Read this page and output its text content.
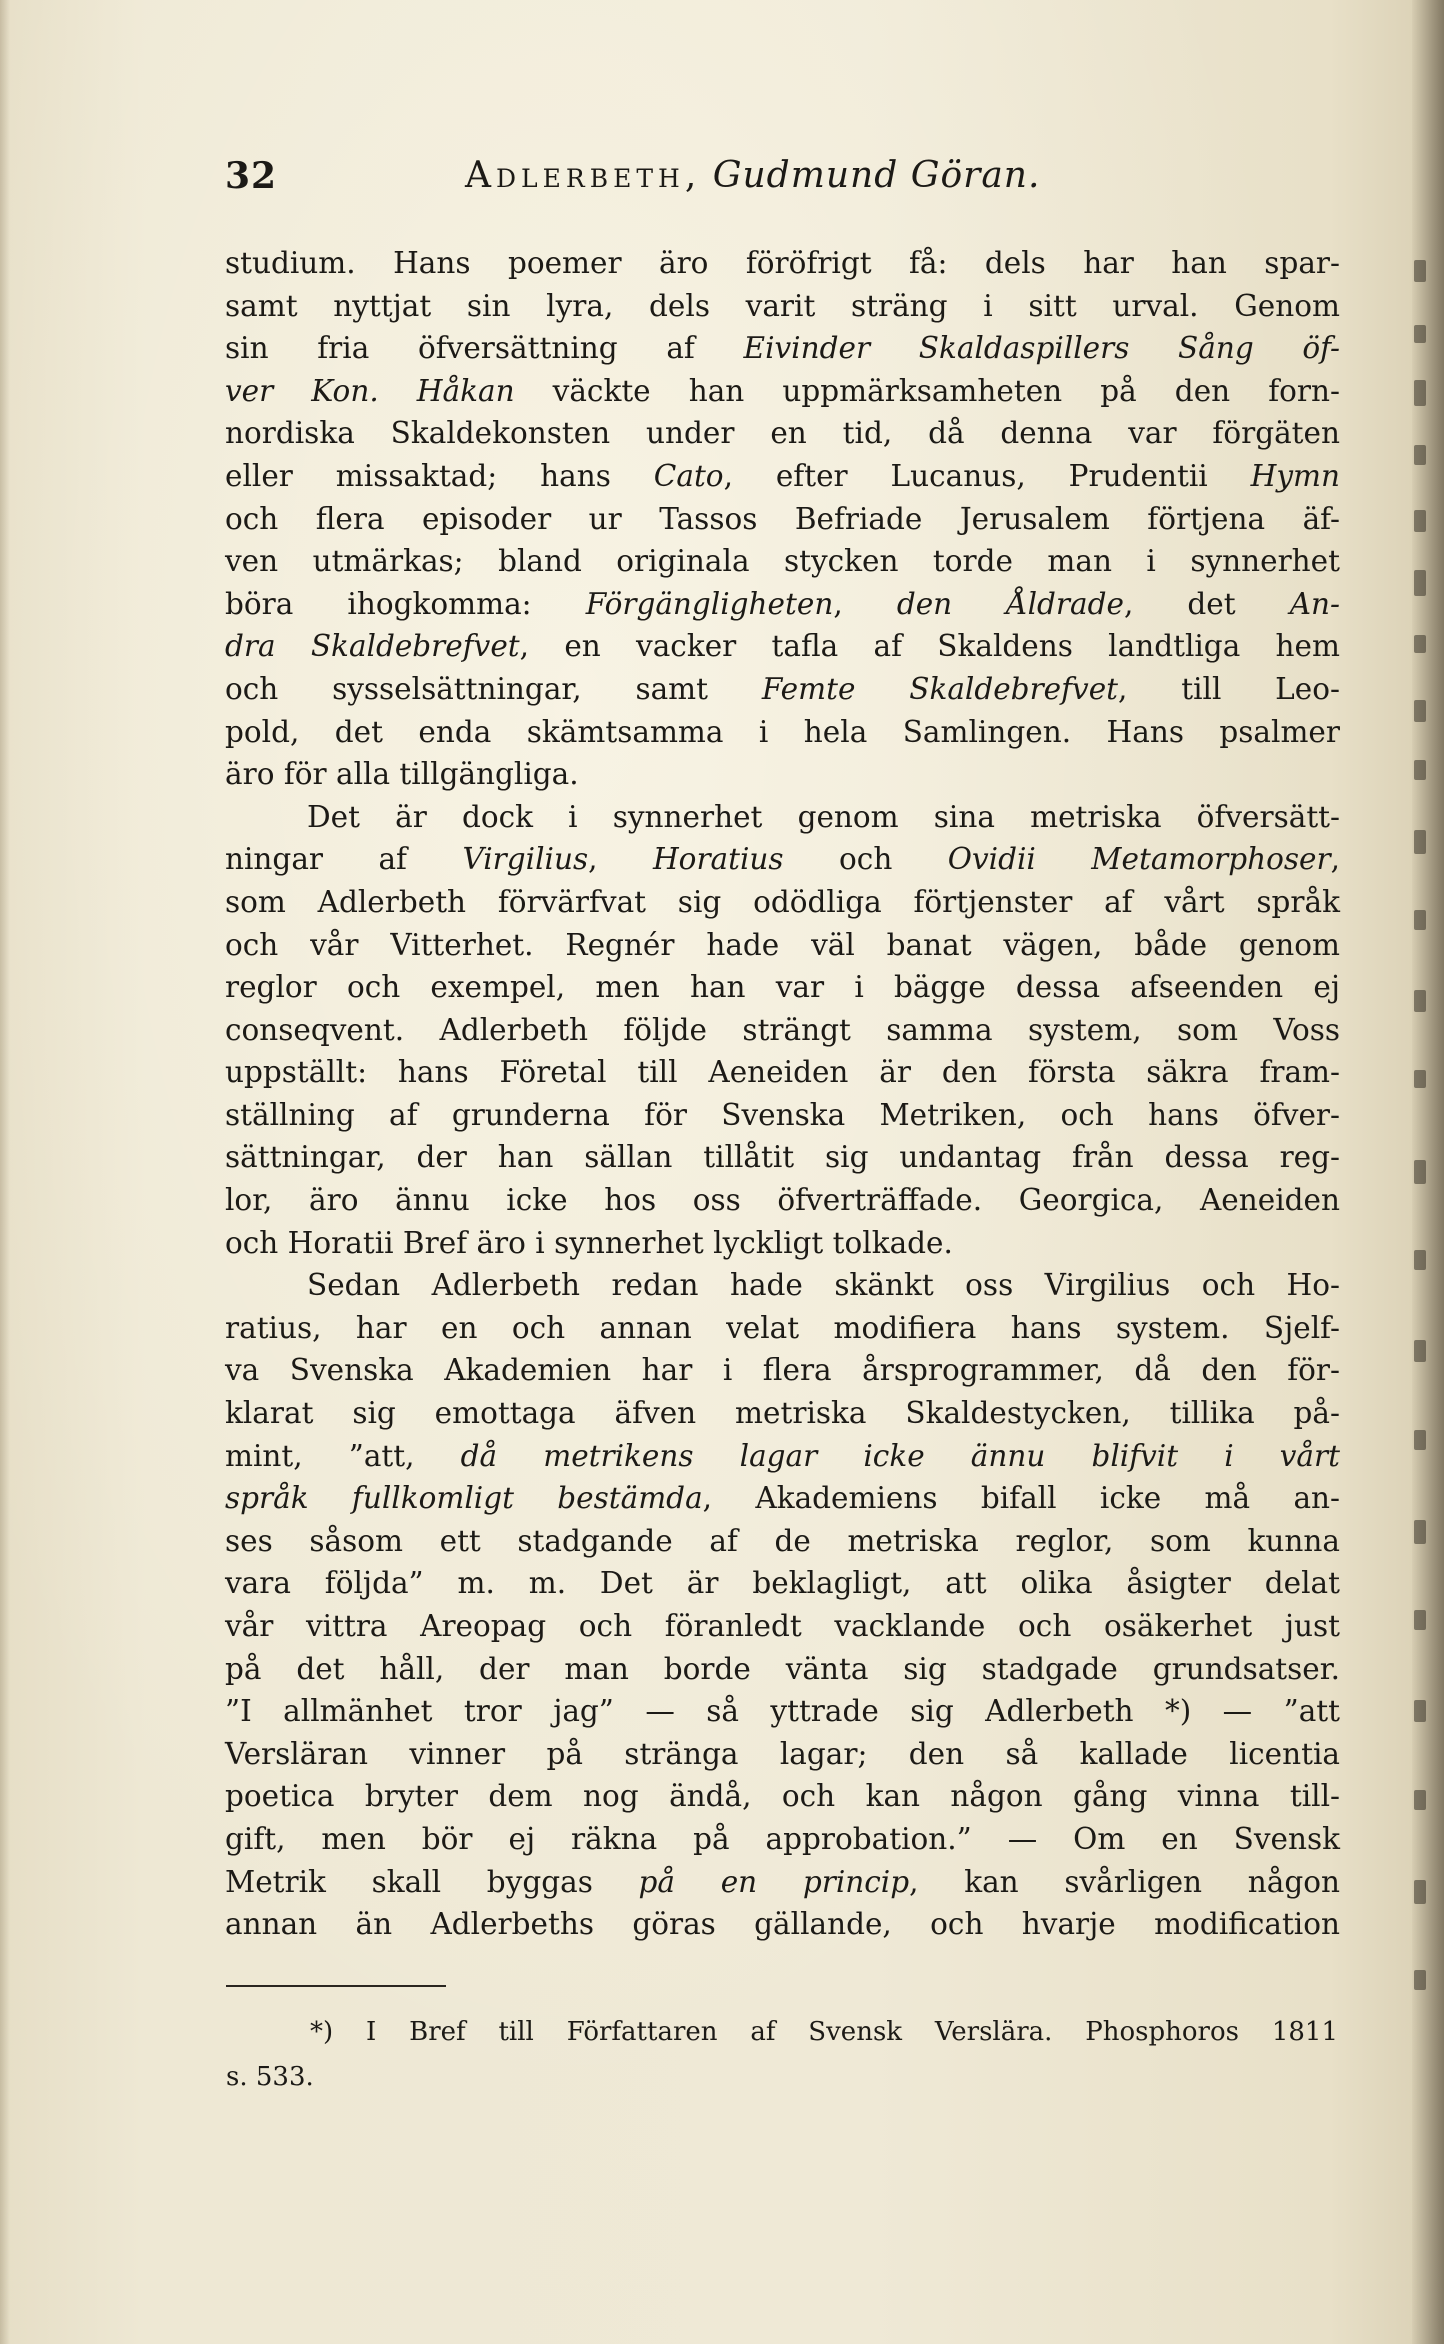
32	Adlerbeth, Gudmund Göran.
studium. Hans poemer äro föröfrigt få: dels har han spar-
samt nyttjat sin lyra, dels varit sträng i sitt urval. Genom
sin fria öfversättning af Eivinder Skaldaspillers Sång öf-
ver Kon. Håkan väckte han uppmärksamheten på den forn-
nordiska Skaldekonsten under en tid, då denna var förgäten
eller missaktad; hans Cato, efter Lucanus, Prudentii Hymn
och flera episoder ur Tassos Befriade Jerusalem förtjena äf-
ven utmärkas; bland originala stycken torde man i synnerhet
böra ihogkomma: Förgängligheten, den Åldrade, det An-
dra Skaldebrefvet, en vacker tafla af Skaldens landtliga hem
och sysselsättningar, samt Femte Skaldebrefvet, till Leo-
pold, det enda skämtsamma i hela Samlingen. Hans psalmer
äro för alla tillgängliga.
Det är dock i synnerhet genom sina metriska öfversätt-
ningar af Virgilius, Horatius och Ovidii Metamorphoser,
som Adlerbeth förvärfvat sig odödliga förtjenster af vårt språk
och vår Vitterhet. Regnér hade väl banat vägen, både genom
reglor och exempel, men han var i bägge dessa afseenden ej
conseqvent. Adlerbeth följde strängt samma system, som Voss
uppställt: hans Företal till Aeneiden är den första säkra fram-
ställning af grunderna för Svenska Metriken, och hans öfver-
sättningar, der han sällan tillåtit sig undantag från dessa reg-
lor, äro ännu icke hos oss öfverträffade. Georgica, Aeneiden
och Horatii Bref äro i synnerhet lyckligt tolkade.
Sedan Adlerbeth redan hade skänkt oss Virgilius och Ho-
ratius, har en och annan velat modifiera hans system. Sjelf-
va Svenska Akademien har i flera årsprogrammer, då den för-
klarat sig emottaga äfven metriska Skaldestycken, tillika på-
mint, ”att, då metrikens lagar icke ännu blifvit i vårt
språk fullkomligt bestämda, Akademiens bifall icke må an-
ses såsom ett stadgande af de metriska reglor, som kunna
vara följda” m. m. Det är beklagligt, att olika åsigter delat
vår vittra Areopag och föranledt vacklande och osäkerhet just
på det håll, der man borde vänta sig stadgade grundsatser.
”I allmänhet tror jag” — så yttrade sig Adlerbeth *) — ”att
Versläran vinner på stränga lagar; den så kallade licentia
poetica bryter dem nog ändå, och kan någon gång vinna till-
gift, men bör ej räkna på approbation.” — Om en Svensk
Metrik skall byggas på en princip, kan svårligen någon
annan än Adlerbeths göras gällande, och hvarje modification
*) I Bref till Författaren af Svensk Verslära. Phosphoros 1811
s. 533.
